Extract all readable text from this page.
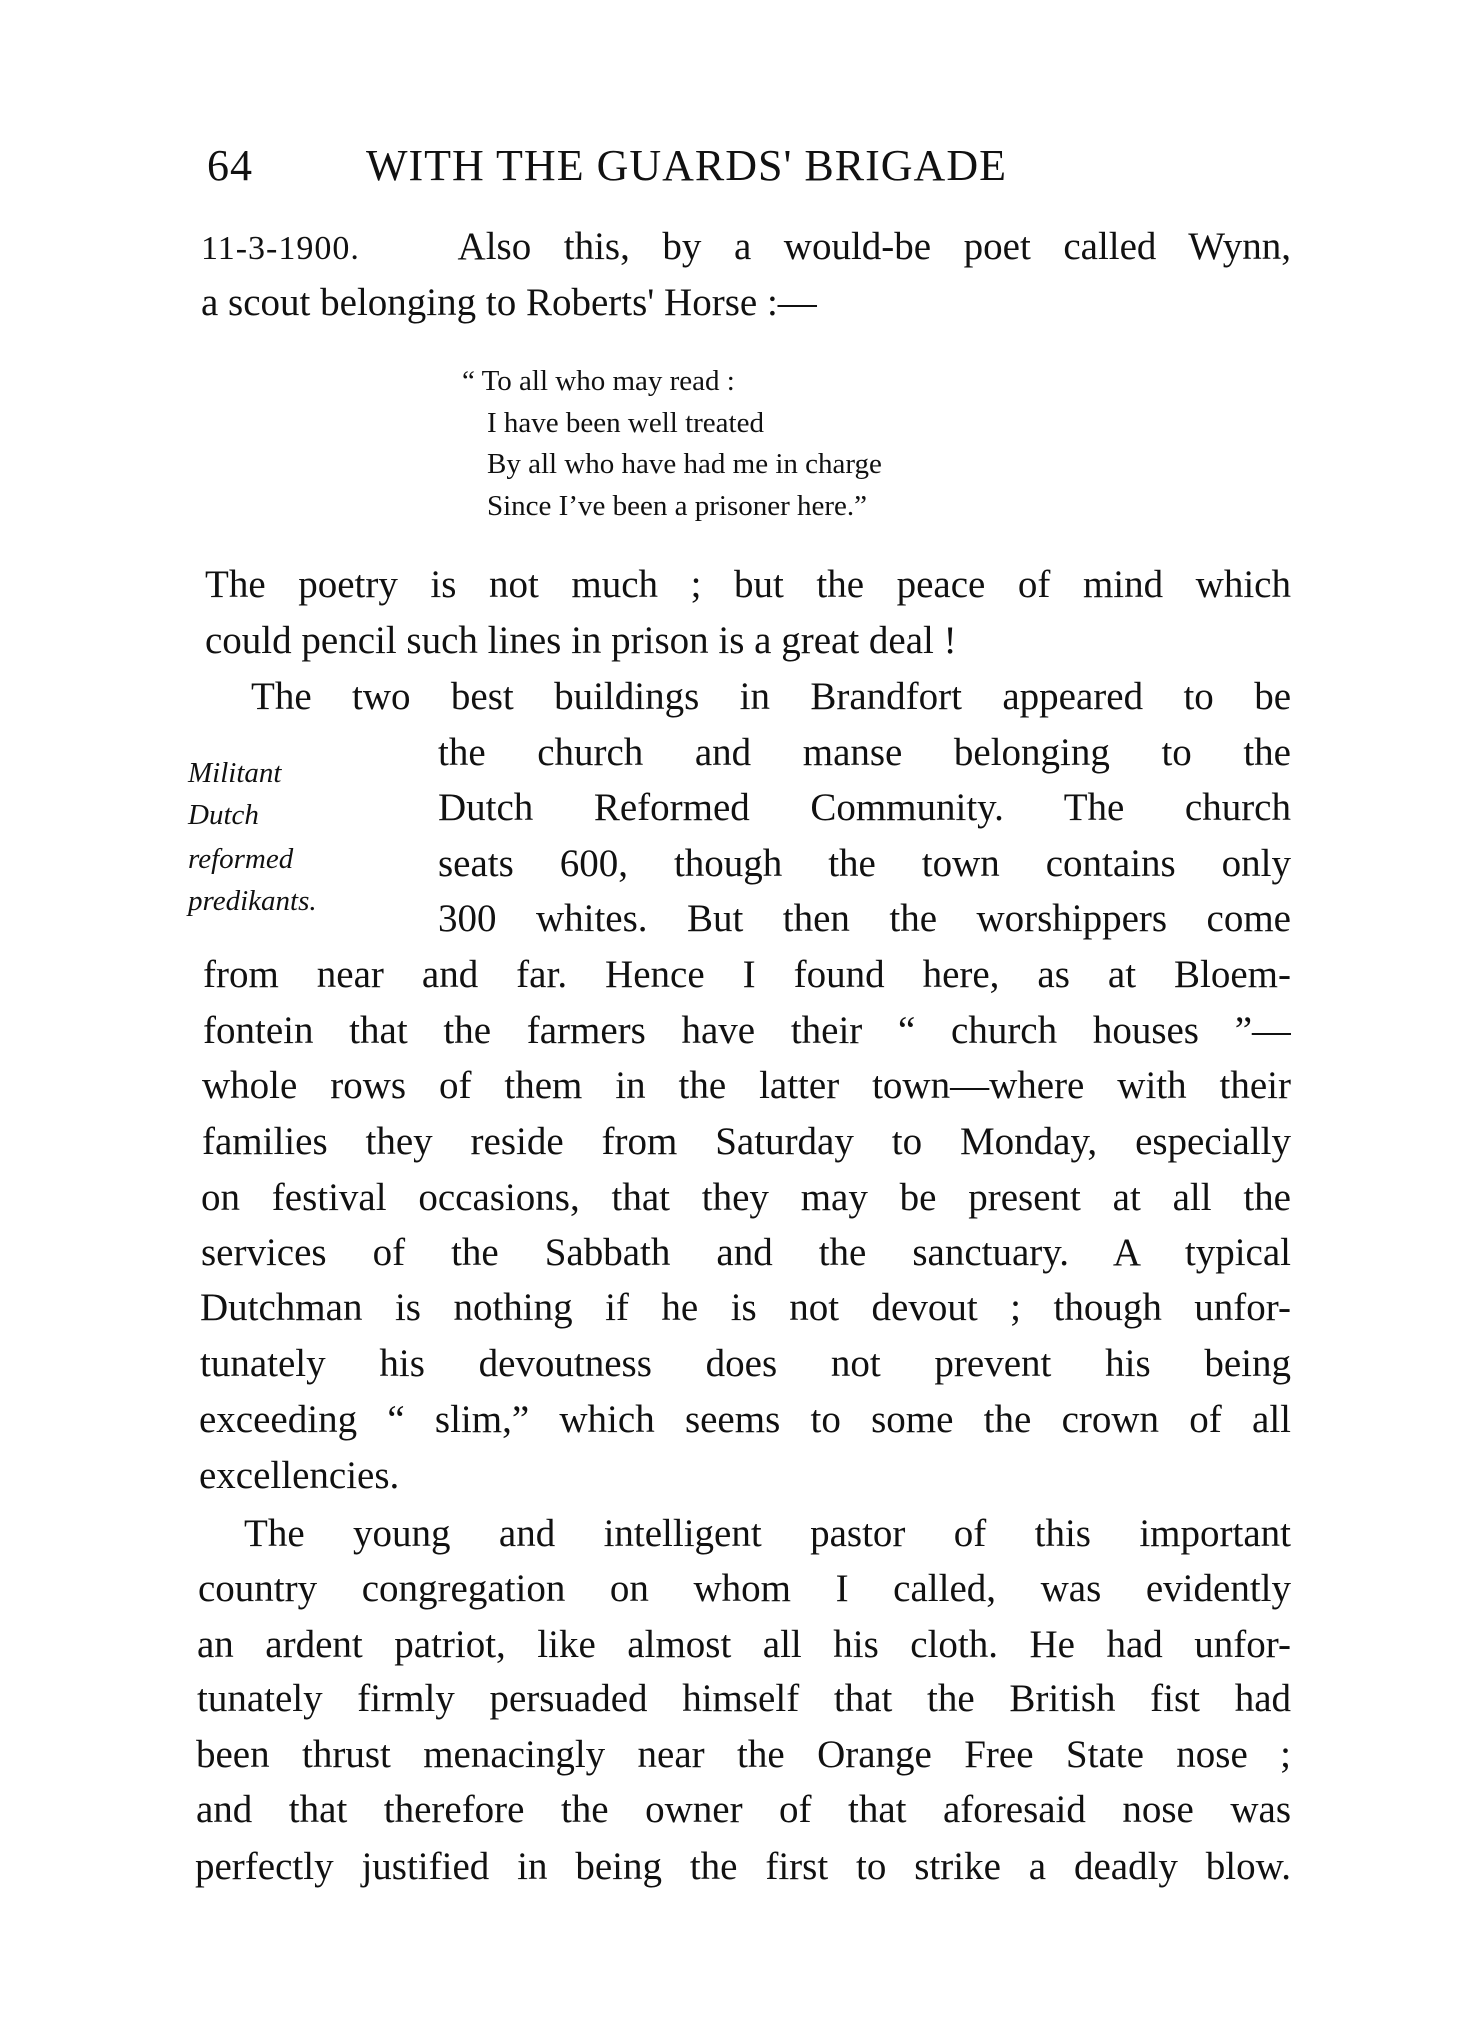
64	WITH THE GUARDS' BRIGADE
11-3-1900.	Also this, by a would-be poet called Wynn,
a scout belonging to Roberts' Horse :—
“ To all who may read :
I have been well treated
By all who have had me in charge
Since I’ve been a prisoner here.”
Militant
Dutch
reformed
predikants.
The poetry is not much ; but the peace of mind which
could pencil such lines in prison is a great deal !
The two best buildings in Brandfort appeared to be
the church and manse belonging to the
Dutch Reformed Community. The church
seats 600, though the town contains only
300 whites. But then the worshippers come
from near and far. Hence I found here, as at Bloem-
fontein that the farmers have their “ church houses ”—
whole rows of them in the latter town—where with their
families they reside from Saturday to Monday, especially
on festival occasions, that they may be present at all the
services of the Sabbath and the sanctuary. A typical
Dutchman is nothing if he is not devout ; though unfor-
tunately his devoutness does not prevent his being
exceeding “ slim,” which seems to some the crown of all
excellencies.
The young and intelligent pastor of this important
country congregation on whom I called, was evidently
an ardent patriot, like almost all his cloth. He had unfor-
tunately firmly persuaded himself that the British fist had
been thrust menacingly near the Orange Free State nose ;
and that therefore the owner of that aforesaid nose was
perfectly justified in being the first to strike a deadly blow.
